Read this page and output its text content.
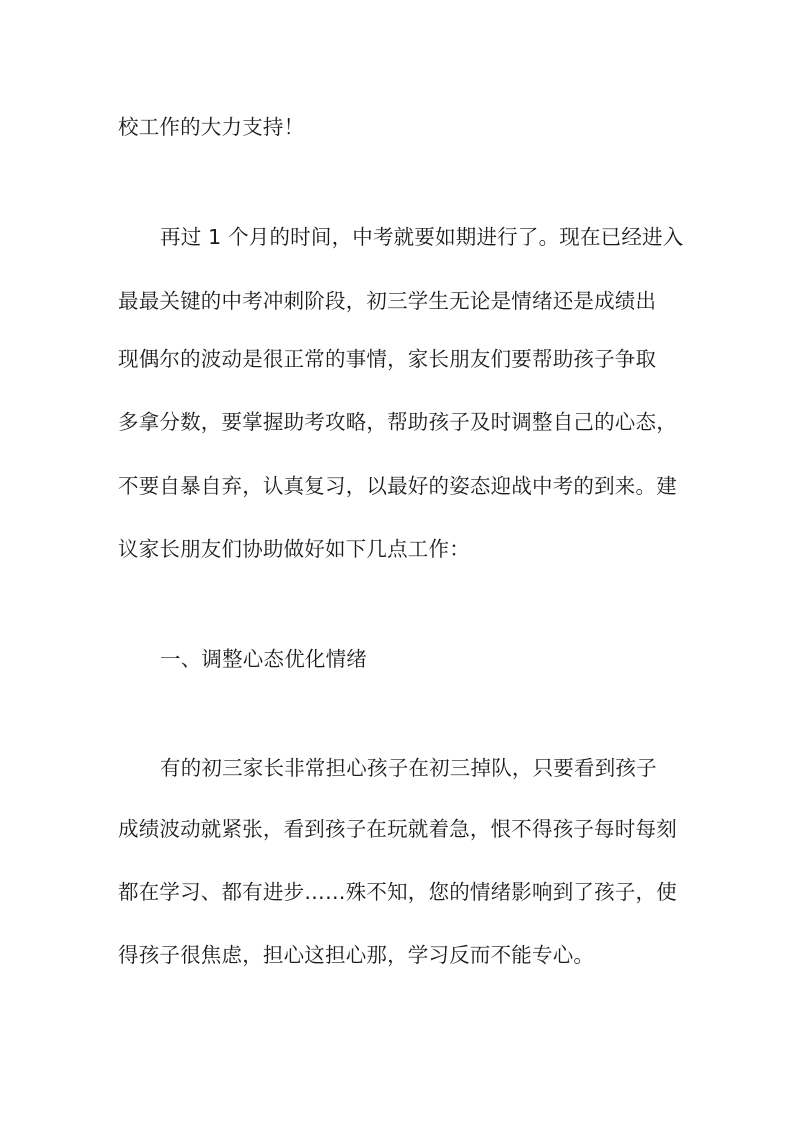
校工作的大力支持！
再过 1 个月的时间，中考就要如期进行了。现在已经进入
最最关键的中考冲刺阶段，初三学生无论是情绪还是成绩出
现偶尔的波动是很正常的事情，家长朋友们要帮助孩子争取
多拿分数，要掌握助考攻略，帮助孩子及时调整自己的心态，
不要自暴自弃，认真复习，以最好的姿态迎战中考的到来。建
议家长朋友们协助做好如下几点工作：
一、调整心态优化情绪
有的初三家长非常担心孩子在初三掉队，只要看到孩子
成绩波动就紧张，看到孩子在玩就着急，恨不得孩子每时每刻
都在学习、都有进步……殊不知，您的情绪影响到了孩子，使
得孩子很焦虑，担心这担心那，学习反而不能专心。
